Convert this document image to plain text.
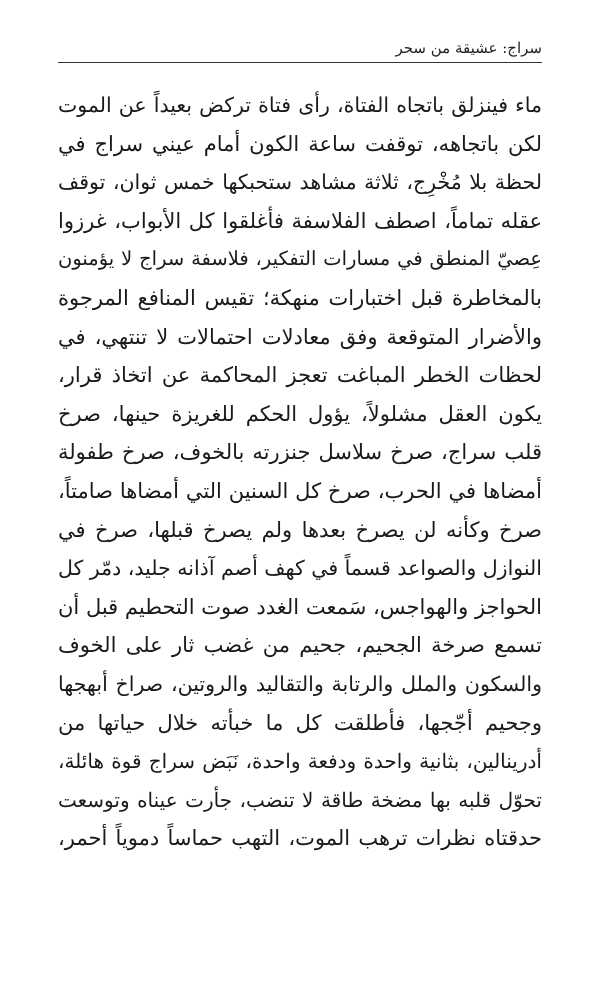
سراج: عشيقة من سحر
ماء فينزلق باتجاه الفتاة، رأى فتاة تركض بعيداً عن الموت
لكن باتجاهه، توقفت ساعة الكون أمام عيني سراج في
لحظة بلا مُخْرِج، ثلاثة مشاهد ستحبكها خمس ثوان، توقف
عقله تماماً، اصطف الفلاسفة فأغلقوا كل الأبواب، غرزوا
عِصيّ المنطق في مسارات التفكير، فلاسفة سراج لا يؤمنون
بالمخاطرة قبل اختبارات منهكة؛ تقيس المنافع المرجوة
والأضرار المتوقعة وفق معادلات احتمالات لا تنتهي، في
لحظات الخطر المباغت تعجز المحاكمة عن اتخاذ قرار،
يكون العقل مشلولاً، يؤول الحكم للغريزة حينها، صرخ
قلب سراج، صرخ سلاسل جنزرته بالخوف، صرخ طفولة
أمضاها في الحرب، صرخ كل السنين التي أمضاها صامتاً،
صرخ وكأنه لن يصرخ بعدها ولم يصرخ قبلها، صرخ في
النوازل والصواعد قسماً في كهف أصم آذانه جليد، دمّر كل
الحواجز والهواجس، سَمعت الغدد صوت التحطيم قبل أن
تسمع صرخة الجحيم، جحيم من غضب ثار على الخوف
والسكون والملل والرتابة والتقاليد والروتين، صراخ أبهجها
وجحيم أجّجها، فأطلقت كل ما خبأته خلال حياتها من
أدرينالين، بثانية واحدة ودفعة واحدة، نَبَض سراج قوة هائلة،
تحوّل قلبه بها مضخة طاقة لا تنضب، جأرت عيناه وتوسعت
حدقتاه نظرات ترهب الموت، التهب حماساً دموياً أحمر،
